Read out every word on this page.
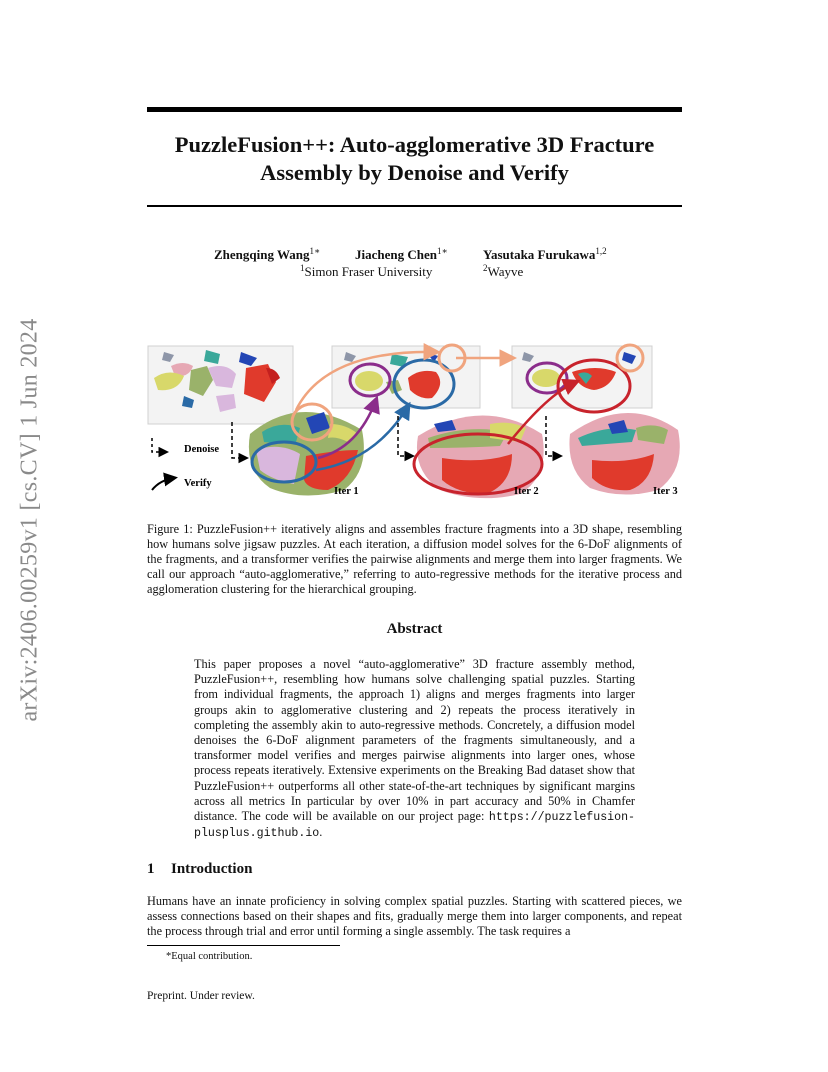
PuzzleFusion++: Auto-agglomerative 3D Fracture
Assembly by Denoise and Verify
Zhengqing Wang$^{1∗}$	Jiacheng Chen$^{1∗}$	Yasutaka Furukawa$^{1,2}$
$^1$Simon Fraser University	$^2$Wayve
arXiv:2406.00259v1 [cs.CV] 1 Jun 2024	Denoise
Verify
Iter 1	Iter 2	Iter 3
Figure 1: PuzzleFusion++ iteratively aligns and assembles fracture fragments into a 3D shape, resembling how humans solve jigsaw puzzles. At each iteration, a diffusion model solves for the 6-DoF alignments of the fragments, and a transformer verifies the pairwise alignments and merge them into larger fragments. We call our approach “auto-agglomerative,” referring to auto-regressive methods for the iterative process and agglomeration clustering for the hierarchical grouping.
Abstract
This paper proposes a novel “auto-agglomerative” 3D fracture assembly method, PuzzleFusion++, resembling how humans solve challenging spatial puzzles. Starting from individual fragments, the approach 1) aligns and merges fragments into larger groups akin to agglomerative clustering and 2) repeats the process iteratively in completing the assembly akin to auto-regressive methods. Concretely, a diffusion model denoises the 6-DoF alignment parameters of the fragments simultaneously, and a transformer model verifies and merges pairwise alignments into larger ones, whose process repeats iteratively. Extensive experiments on the Breaking Bad dataset show that PuzzleFusion++ outperforms all other state-of-the-art techniques by significant margins across all metrics In particular by over 10% in part accuracy and 50% in Chamfer distance. The code will be available on our project page: https://puzzlefusion-plusplus.github.io.
1 Introduction
Humans have an innate proficiency in solving complex spatial puzzles. Starting with scattered pieces, we assess connections based on their shapes and fits, gradually merge them into larger components, and repeat the process through trial and error until forming a single assembly. The task requires a
*Equal contribution.
Preprint. Under review.
